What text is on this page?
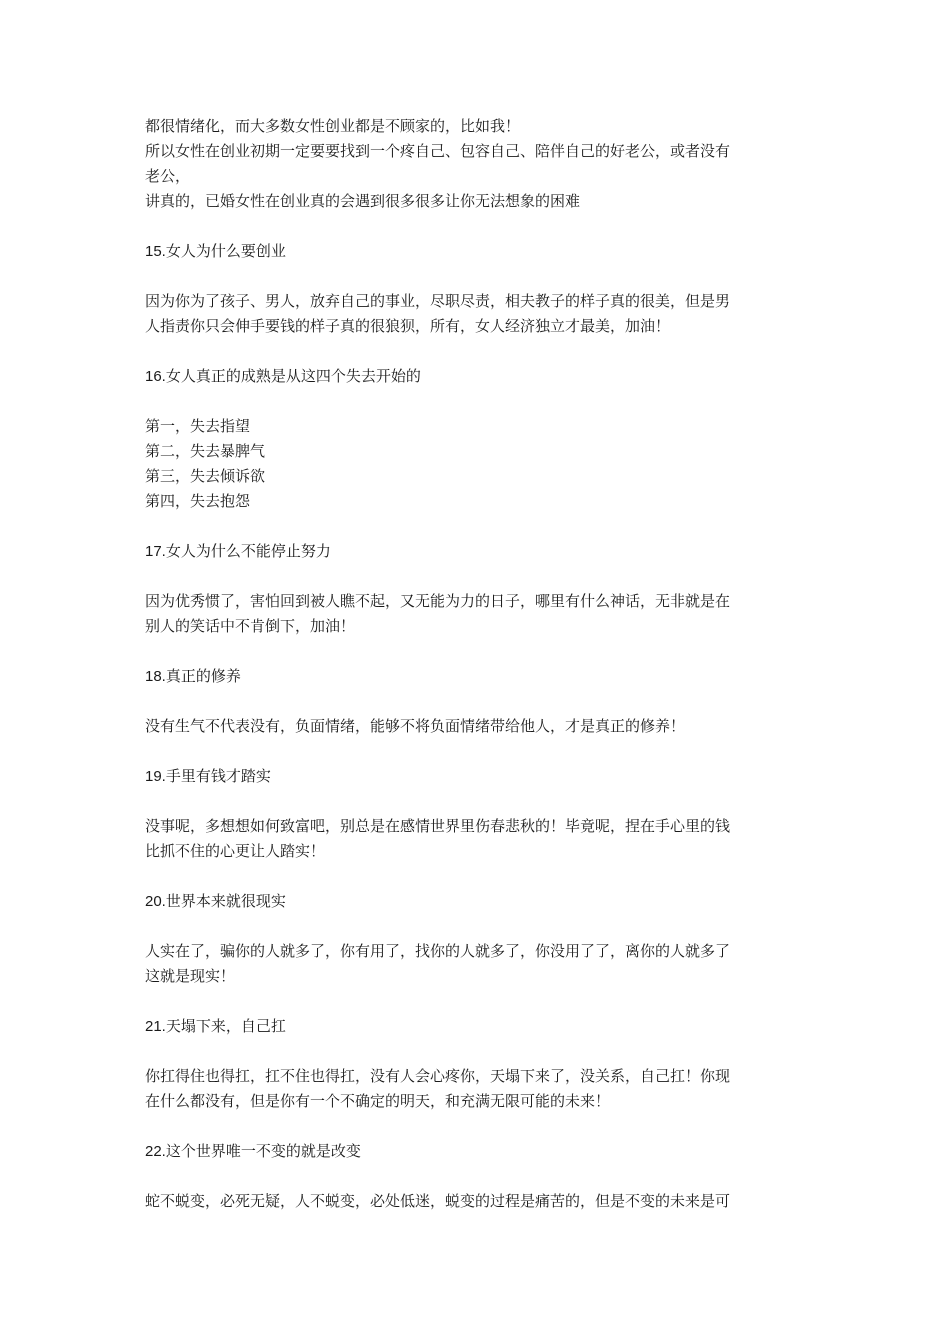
都很情绪化，而大多数女性创业都是不顾家的，比如我！

所以女性在创业初期一定要要找到一个疼自己、包容自己、陪伴自己的好老公，或者没有

老公，

讲真的，已婚女性在创业真的会遇到很多很多让你无法想象的困难

15.女人为什么要创业

因为你为了孩子、男人，放弃自己的事业，尽职尽责，相夫教子的样子真的很美，但是男

人指责你只会伸手要钱的样子真的很狼狈，所有，女人经济独立才最美，加油！

16.女人真正的成熟是从这四个失去开始的

第一，失去指望

第二，失去暴脾气

第三，失去倾诉欲

第四，失去抱怨

17.女人为什么不能停止努力

因为优秀惯了，害怕回到被人瞧不起，又无能为力的日子，哪里有什么神话，无非就是在

别人的笑话中不肯倒下，加油！

18.真正的修养

没有生气不代表没有，负面情绪，能够不将负面情绪带给他人，才是真正的修养！

19.手里有钱才踏实

没事呢，多想想如何致富吧，别总是在感情世界里伤春悲秋的！毕竟呢，捏在手心里的钱

比抓不住的心更让人踏实！

20.世界本来就很现实

人实在了，骗你的人就多了，你有用了，找你的人就多了，你没用了了，离你的人就多了

这就是现实！

21.天塌下来，自己扛

你扛得住也得扛，扛不住也得扛，没有人会心疼你，天塌下来了，没关系，自己扛！你现

在什么都没有，但是你有一个不确定的明天，和充满无限可能的未来！

22.这个世界唯一不变的就是改变

蛇不蜕变，必死无疑，人不蜕变，必处低迷，蜕变的过程是痛苦的，但是不变的未来是可
